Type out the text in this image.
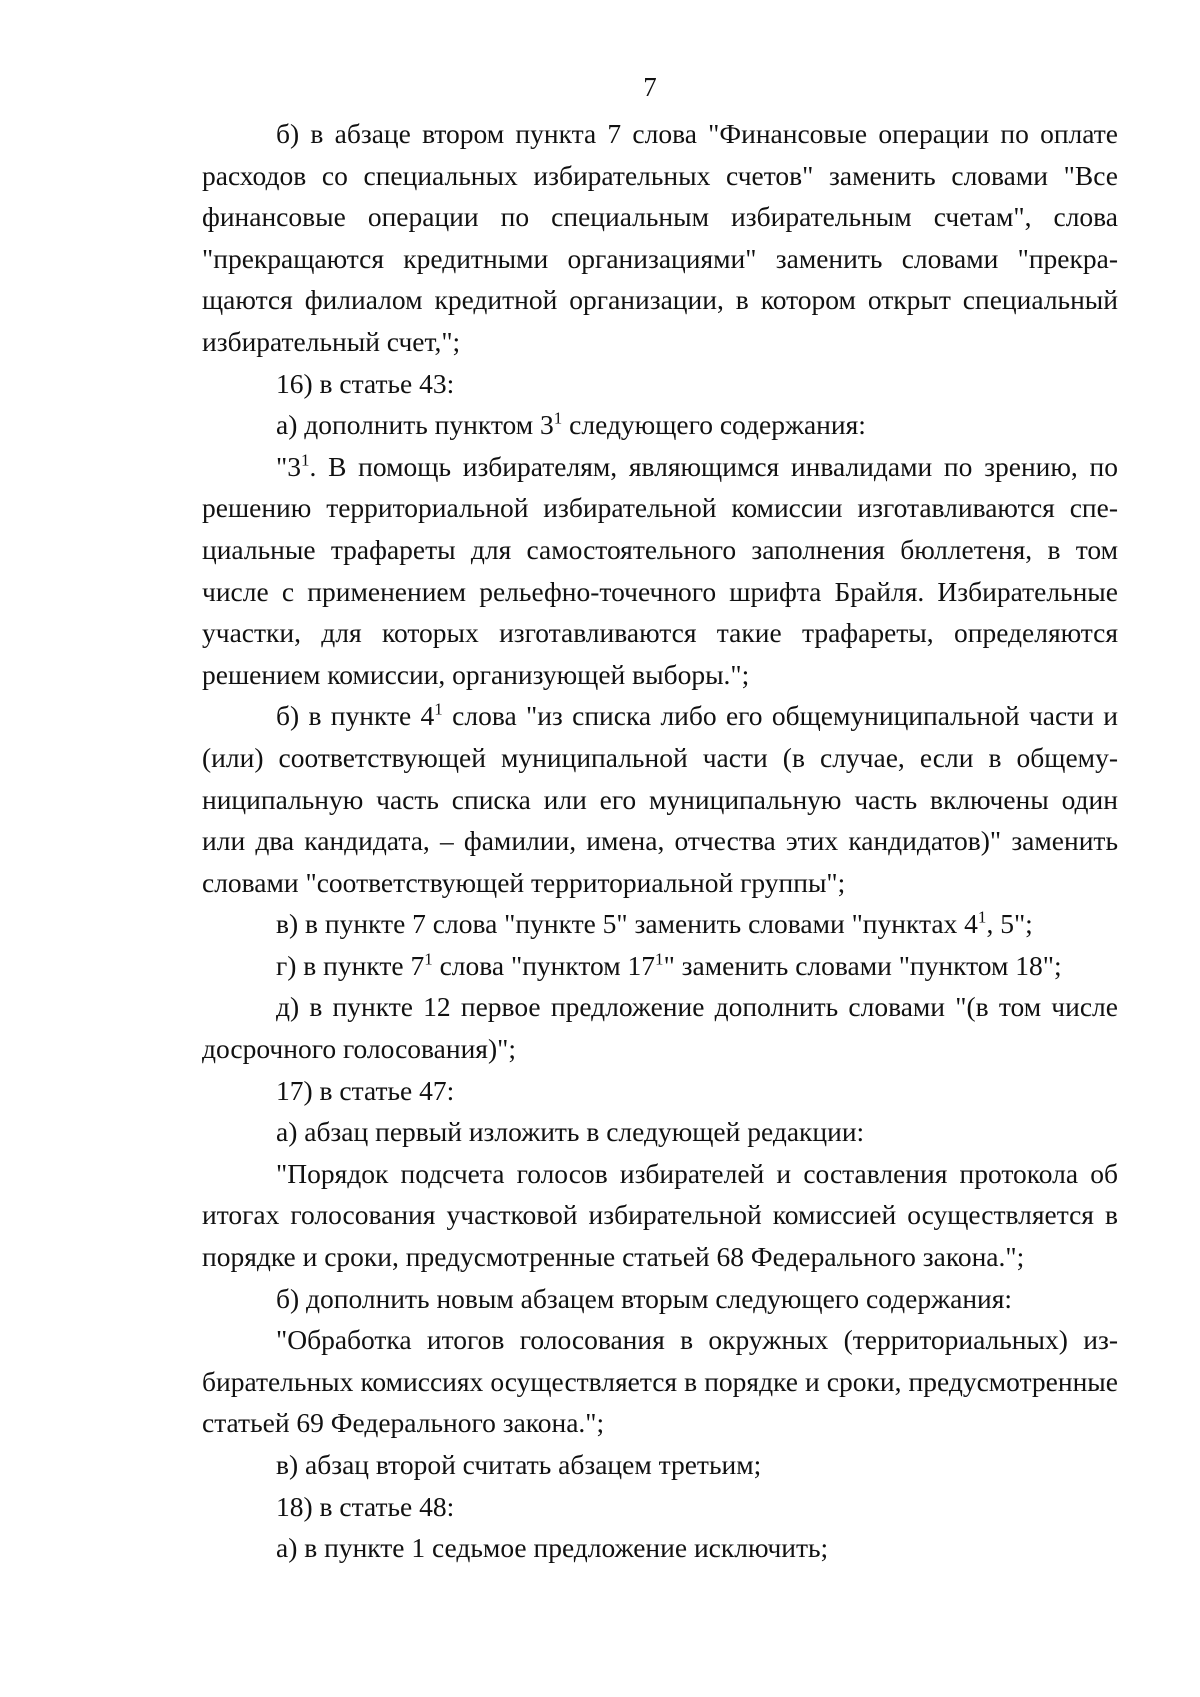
7

б) в абзаце втором пункта 7 слова "Финансовые операции по оплате расходов со специальных избирательных счетов" заменить словами "Все финансовые операции по специальным избирательным счетам", слова "прекращаются кредитными организациями" заменить словами "прекращаются филиалом кредитной организации, в котором открыт специальный избирательный счет,";

16) в статье 43:

а) дополнить пунктом $3^1$ следующего содержания:

"$3^1$. В помощь избирателям, являющимся инвалидами по зрению, по решению территориальной избирательной комиссии изготавливаются специальные трафареты для самостоятельного заполнения бюллетеня, в том числе с применением рельефно-точечного шрифта Брайля. Избирательные участки, для которых изготавливаются такие трафареты, определяются решением комиссии, организующей выборы.";

б) в пункте $4^1$ слова "из списка либо его общемуниципальной части и (или) соответствующей муниципальной части (в случае, если в общемуниципальную часть списка или его муниципальную часть включены один или два кандидата, – фамилии, имена, отчества этих кандидатов)" заменить словами "соответствующей территориальной группы";

в) в пункте 7 слова "пункте 5" заменить словами "пунктах $4^1$, 5";

г) в пункте $7^1$ слова "пунктом $17^1$" заменить словами "пунктом 18";

д) в пункте 12 первое предложение дополнить словами "(в том числе досрочного голосования)";

17) в статье 47:

а) абзац первый изложить в следующей редакции:

"Порядок подсчета голосов избирателей и составления протокола об итогах голосования участковой избирательной комиссией осуществляется в порядке и сроки, предусмотренные статьей 68 Федерального закона.";

б) дополнить новым абзацем вторым следующего содержания:

"Обработка итогов голосования в окружных (территориальных) избирательных комиссиях осуществляется в порядке и сроки, предусмотренные статьей 69 Федерального закона.";

в) абзац второй считать абзацем третьим;

18) в статье 48:

а) в пункте 1 седьмое предложение исключить;
